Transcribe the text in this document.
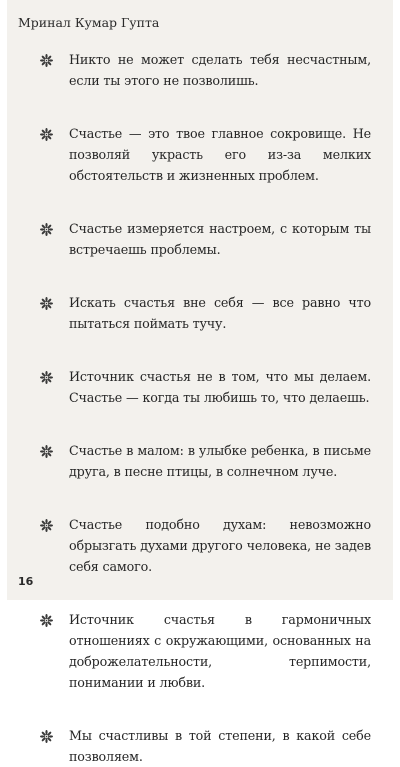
Мринал Кумар Гупта
Никто не может сделать тебя несчастным, если ты этого не позволишь.
Счастье — это твое главное сокровище. Не позволяй украсть его из-за мелких обстоятельств и жизненных проблем.
Счастье измеряется настроем, с которым ты встречаешь проблемы.
Искать счастья вне себя — все равно что пытаться поймать тучу.
Источник счастья не в том, что мы делаем. Счастье — когда ты любишь то, что делаешь.
Счастье в малом: в улыбке ребенка, в письме друга, в песне птицы, в солнечном луче.
Счастье подобно духам: невозможно обрызгать духами другого человека, не задев себя самого.
Источник счастья в гармоничных отношениях с окружающими, основанных на доброжелательности, терпимости, понимании и любви.
Мы счастливы в той степени, в какой себе позволяем.
16
